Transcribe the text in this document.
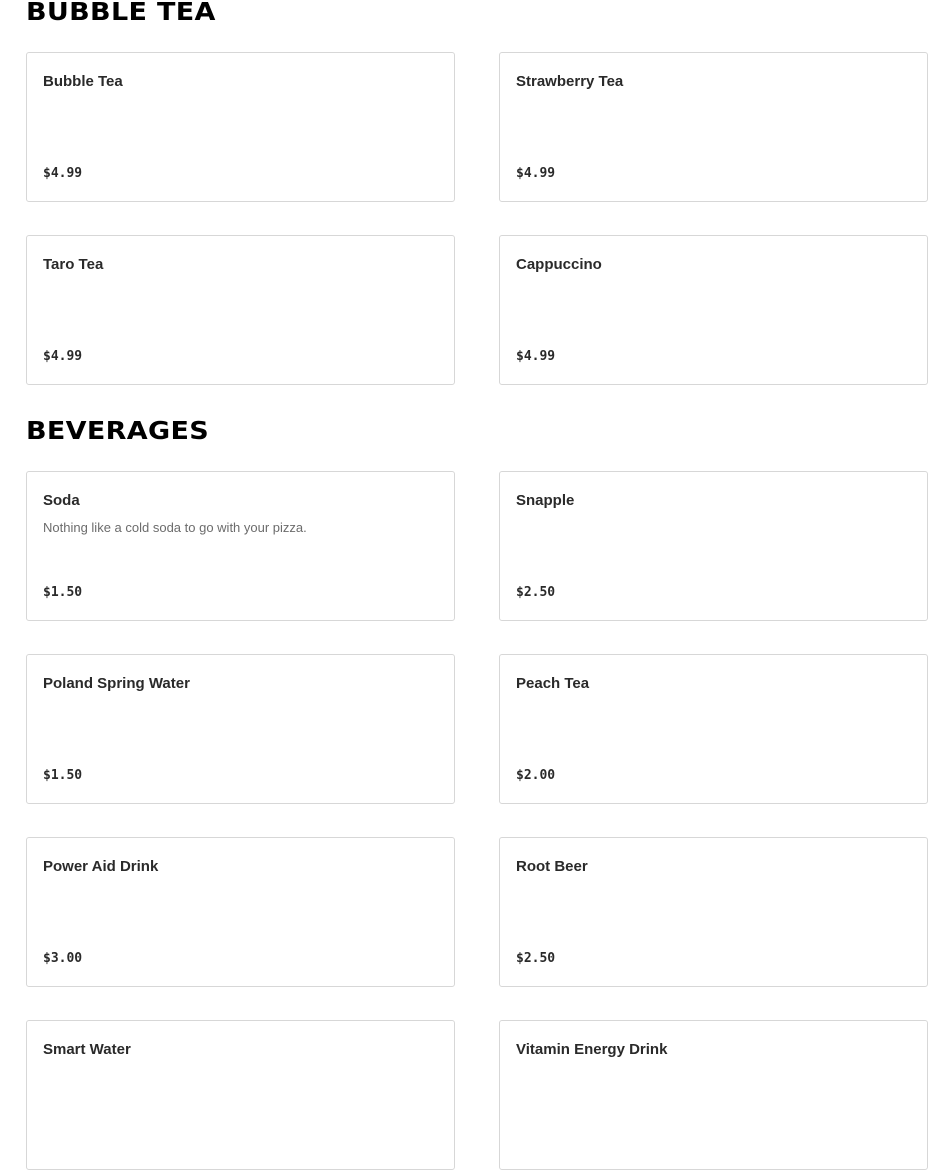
BUBBLE TEA
Bubble Tea
$4.99
Strawberry Tea
$4.99
Taro Tea
$4.99
Cappuccino
$4.99
BEVERAGES
Soda
Nothing like a cold soda to go with your pizza.
$1.50
Snapple
$2.50
Poland Spring Water
$1.50
Peach Tea
$2.00
Power Aid Drink
$3.00
Root Beer
$2.50
Smart Water	Vitamin Energy Drink
